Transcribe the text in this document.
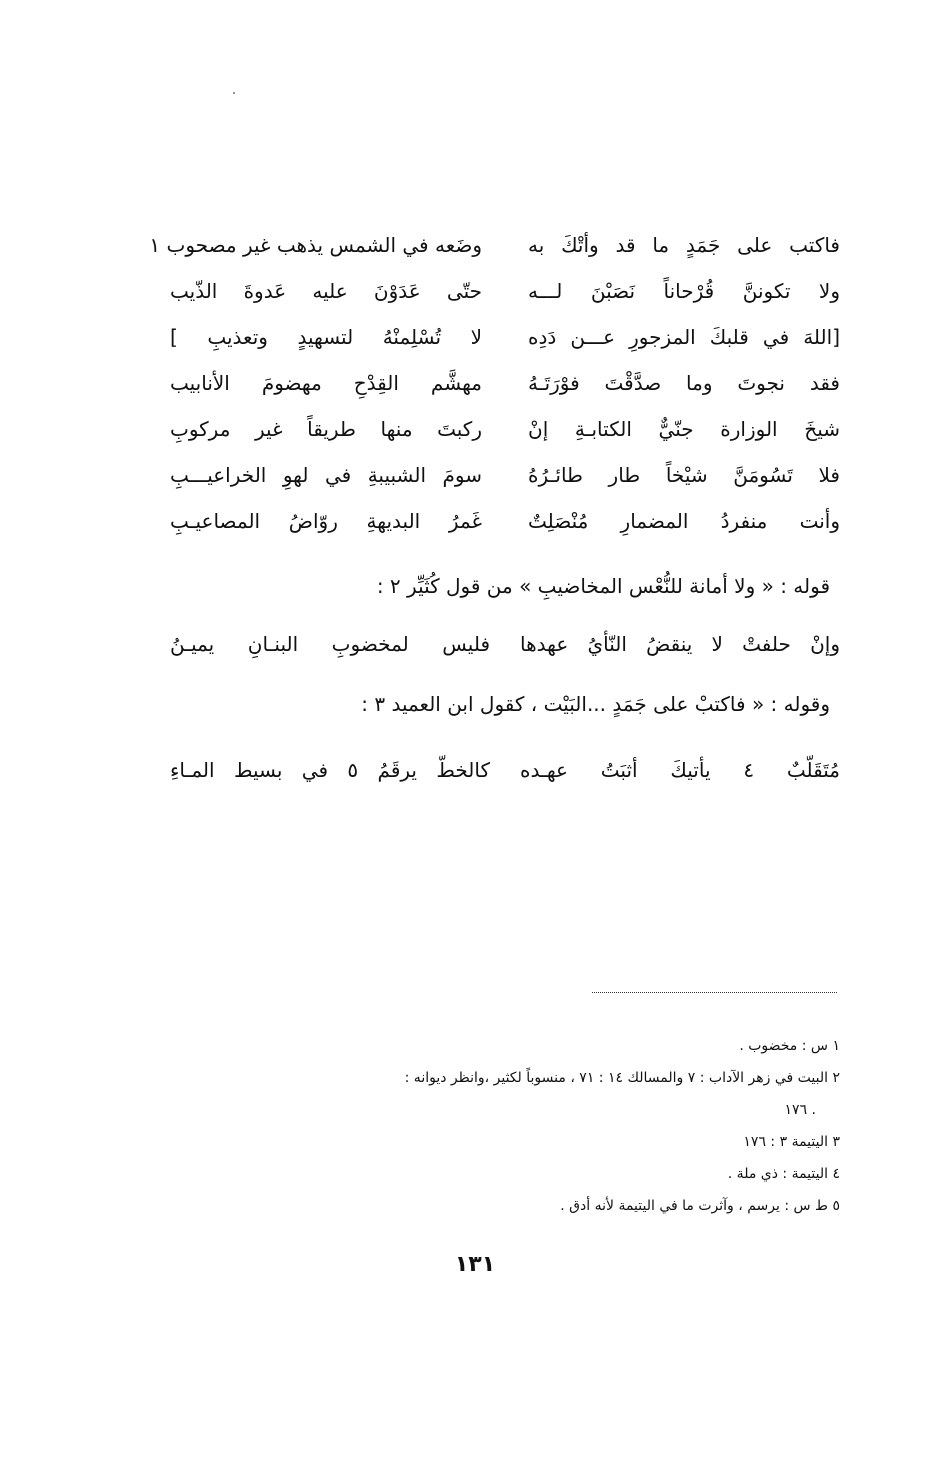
فاكتب على جَمَدٍ ما قد وأتْكَ به
وضَعه في الشمس يذهب غير مصحوب ١
ولا تكوننَّ قُرْحاناً نَصَبْنَ لـــه
حتّى عَدَوْنَ عليه عَدوةَ الذّيب
[اللهَ في قلبكَ المزجورِ عـــن دَدِه
لا تُسْلِمنْهُ لتسهيدٍ وتعذيبِ ]
فقد نجوتَ وما صدَّقْتَ فوْرَتَـهُ
مهشَّم القِدْحِ مهضومَ الأنابيب
شيخَ الوزارة جنّيٌّ الكتابـةِ إنْ
ركبتَ منها طريقاً غير مركوبِ
فلا تَسُومَنَّ شيْخاً طار طائـرُهُ
سومَ الشبيبةِ في لهوِ الخراعيـــبِ
وأنت منفردُ المضمارِ مُنْصَلِتٌ
غَمرُ البديهةِ روّاضُ المصاعيـبِ
قوله : « ولا أمانة للنُّعْس المخاضيبِ » من قول كُثَيِّر ٢ :
وإنْ حلفتْ لا ينقضُ النّأيُ عهدها
فليس لمخضوبِ البنـانِ يميـنُ
وقوله : « فاكتبْ على جَمَدٍ ...البَيْت ، كقول ابن العميد ٣ :
مُتَقَلّبٌ ٤ يأتيكَ أثبَتُ عهـده
كالخطّ يرقَمُ ٥ في بسيط المـاءِ
١ س : مخضوب .
٢ البيت في زهر الآداب : ٧ والمسالك ١٤ : ٧١ ، منسوباً لكثير ،وانظر ديوانه :
. ١٧٦
٣ اليتيمة ٣ : ١٧٦
٤ اليتيمة : ذي ملة .
٥ ط س : يرسم ، وآثرت ما في اليتيمة لأنه أدق .
١٣١
